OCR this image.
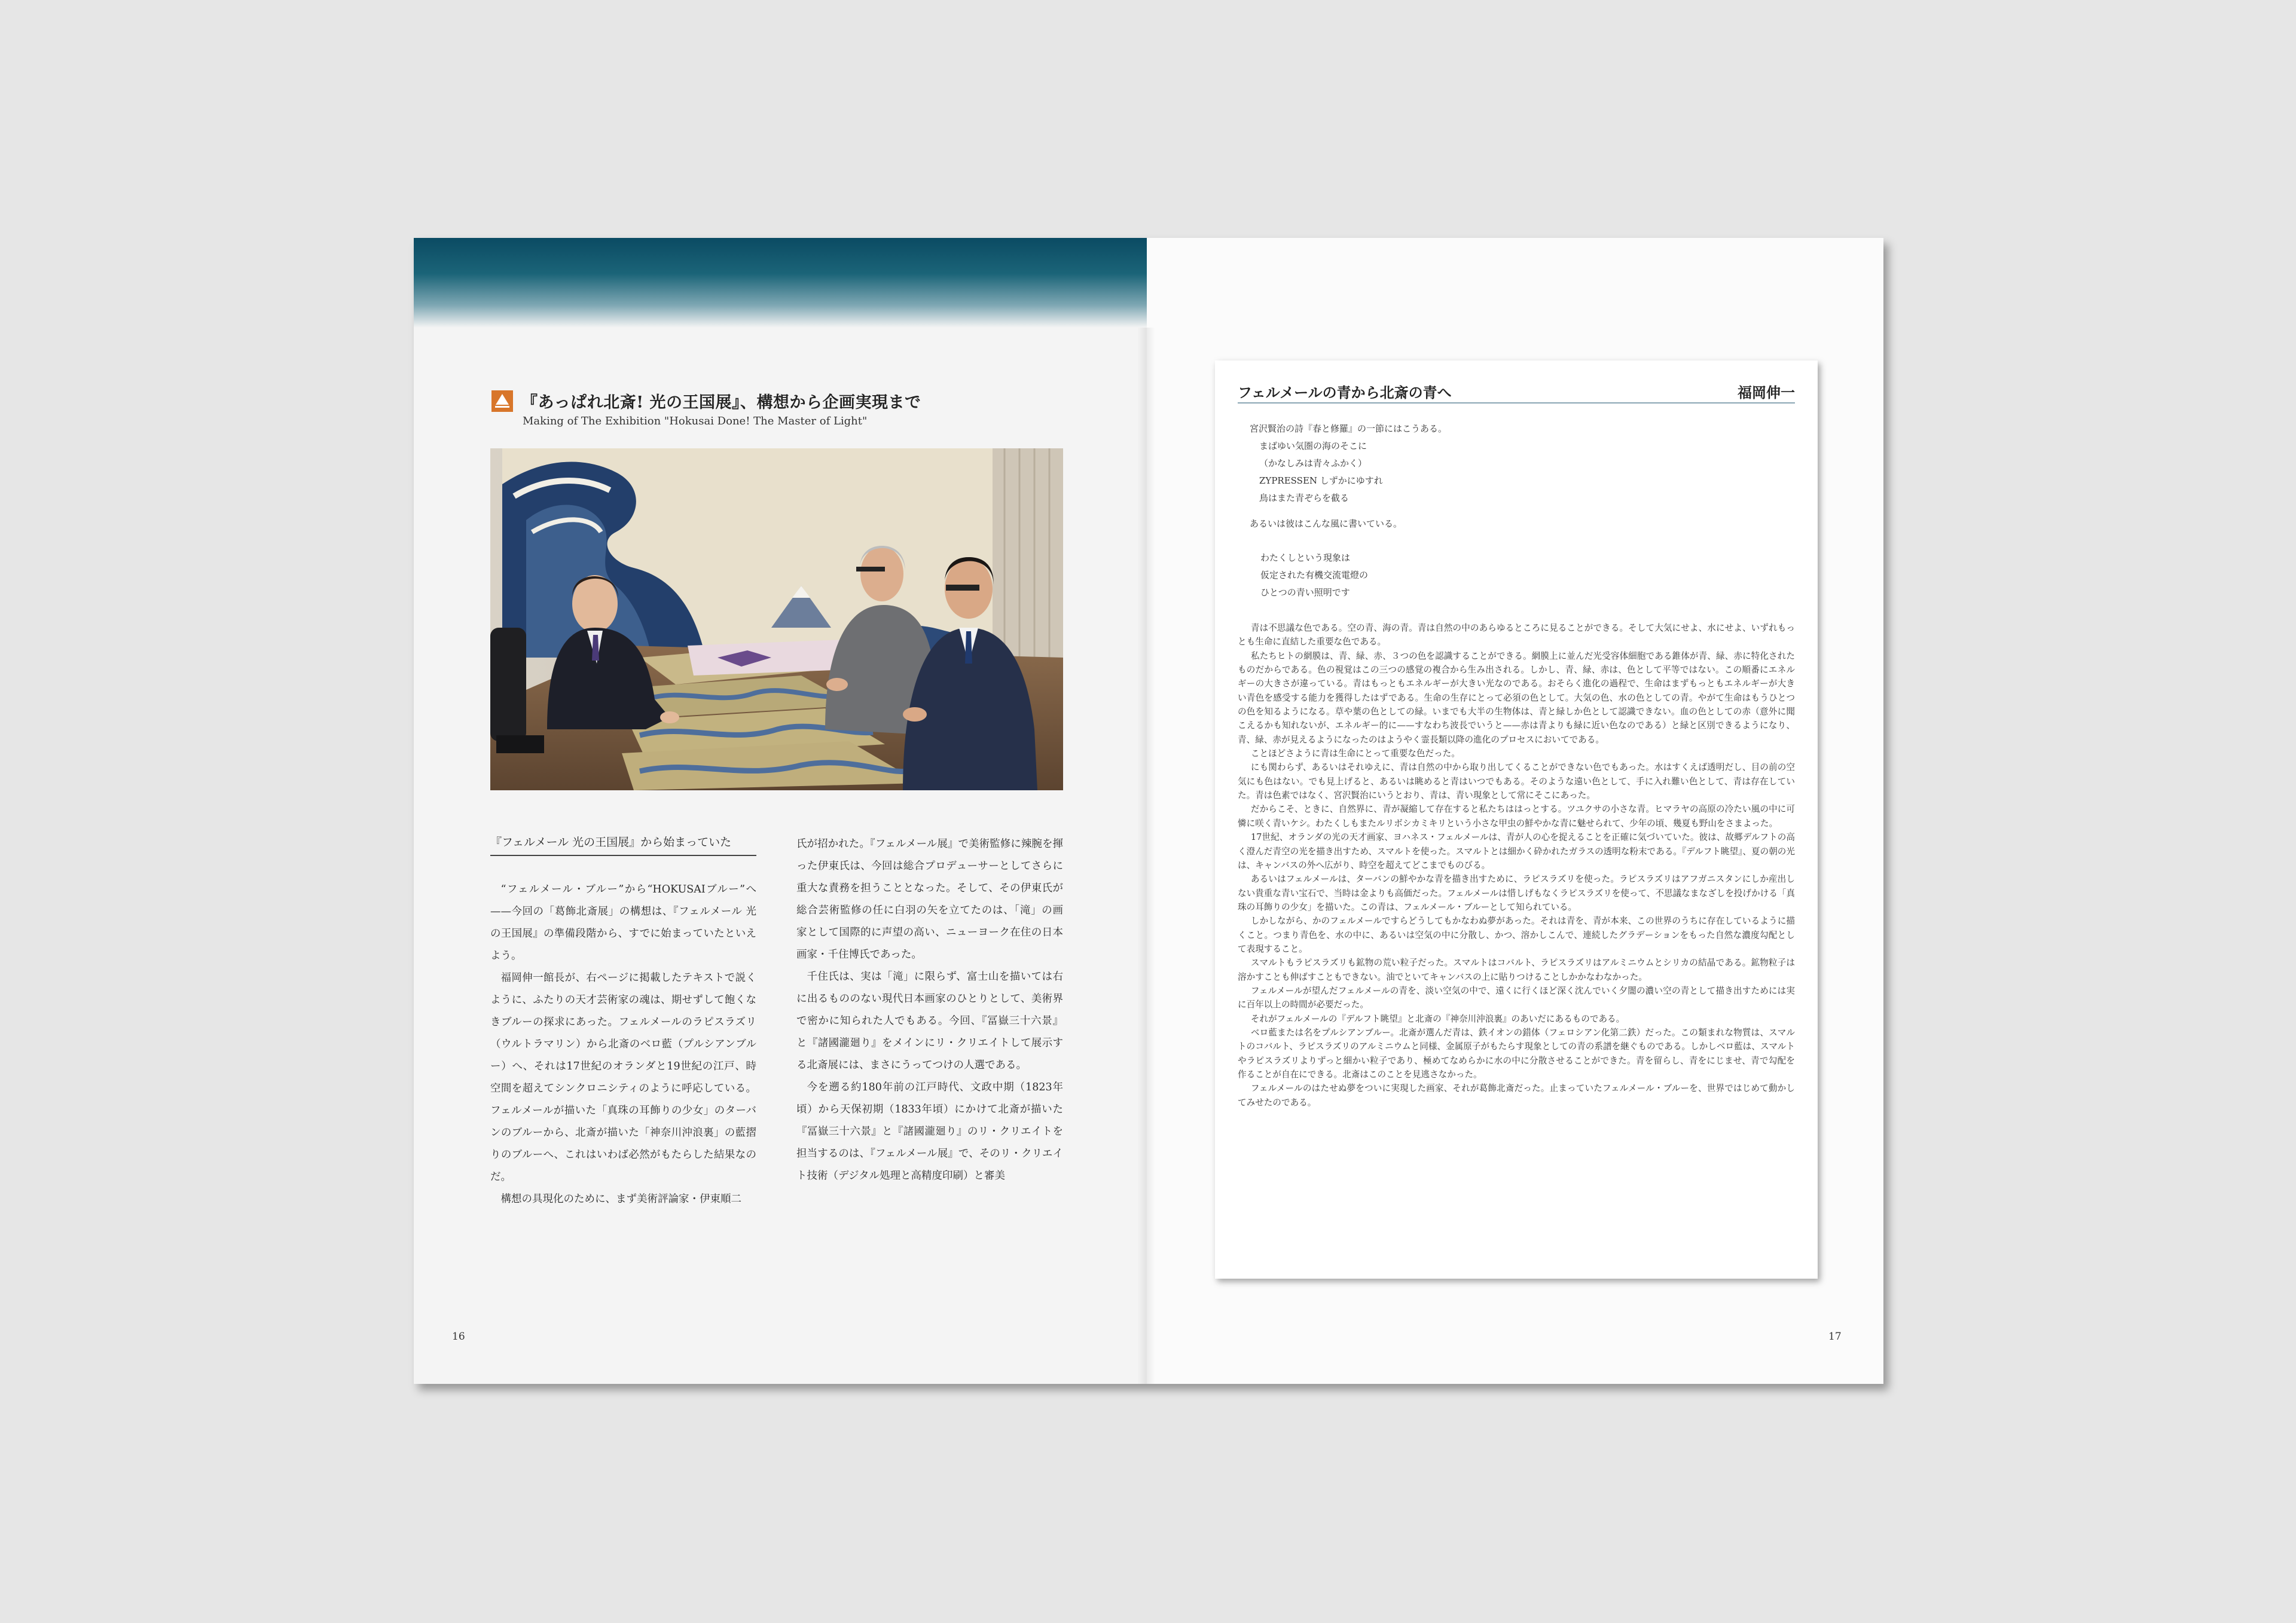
『あっぱれ北斎! 光の王国展』、構想から企画実現まで
Making of The Exhibition "Hokusai Done! The Master of Light"
『フェルメール 光の王国展』から始まっていた

“フェルメール・ブルー”から“HOKUSAIブルー”へ——今回の「葛飾北斎展」の構想は、『フェルメール 光の王国展』の準備段階から、すでに始まっていたといえよう。

福岡伸一館長が、右ページに掲載したテキストで説くように、ふたりの天才芸術家の魂は、期せずして飽くなきブルーの探求にあった。フェルメールのラピスラズリ（ウルトラマリン）から北斎のベロ藍（プルシアンブルー）へ、それは17世紀のオランダと19世紀の江戸、時空間を超えてシンクロニシティのように呼応している。フェルメールが描いた「真珠の耳飾りの少女」のターバンのブルーから、北斎が描いた「神奈川沖浪裏」の藍摺りのブルーへ、これはいわば必然がもたらした結果なのだ。

構想の具現化のために、まず美術評論家・伊東順二

氏が招かれた。『フェルメール展』で美術監修に辣腕を揮った伊東氏は、今回は総合プロデューサーとしてさらに重大な責務を担うこととなった。そして、その伊東氏が総合芸術監修の任に白羽の矢を立てたのは、「滝」の画家として国際的に声望の高い、ニューヨーク在住の日本画家・千住博氏であった。

千住氏は、実は「滝」に限らず、富士山を描いては右に出るもののない現代日本画家のひとりとして、美術界で密かに知られた人でもある。今回、『冨嶽三十六景』と『諸國瀧廻り』をメインにリ・クリエイトして展示する北斎展には、まさにうってつけの人選である。

今を遡る約180年前の江戸時代、文政中期（1823年頃）から天保初期（1833年頃）にかけて北斎が描いた『冨嶽三十六景』と『諸國瀧廻り』のリ・クリエイトを担当するのは、『フェルメール展』で、そのリ・クリエイト技術（デジタル処理と高精度印刷）と審美

16
フェルメールの青から北斎の青へ	福岡伸一
宮沢賢治の詩『春と修羅』の一節にはこうある。
まばゆい気圏の海のそこに
（かなしみは青々ふかく）
ZYPRESSEN しずかにゆすれ
鳥はまた青ぞらを截る
あるいは彼はこんな風に書いている。
わたくしという現象は
仮定された有機交流電燈の
ひとつの青い照明です

青は不思議な色である。空の青、海の青。青は自然の中のあらゆるところに見ることができる。そして大気にせよ、水にせよ、いずれもっとも生命に直結した重要な色である。

私たちヒトの網膜は、青、緑、赤、３つの色を認識することができる。網膜上に並んだ光受容体細胞である錐体が青、緑、赤に特化されたものだからである。色の視覚はこの三つの感覚の複合から生み出される。しかし、青、緑、赤は、色として平等ではない。この順番にエネルギーの大きさが違っている。青はもっともエネルギーが大きい光なのである。おそらく進化の過程で、生命はまずもっともエネルギーが大きい青色を感受する能力を獲得したはずである。生命の生存にとって必須の色として。大気の色、水の色としての青。やがて生命はもうひとつの色を知るようになる。草や葉の色としての緑。いまでも大半の生物体は、青と緑しか色として認識できない。血の色としての赤（意外に聞こえるかも知れないが、エネルギー的に——すなわち波長でいうと——赤は青よりも緑に近い色なのである）と緑と区別できるようになり、青、緑、赤が見えるようになったのはようやく霊長類以降の進化のプロセスにおいてである。

ことほどさように青は生命にとって重要な色だった。

にも関わらず、あるいはそれゆえに、青は自然の中から取り出してくることができない色でもあった。水はすくえば透明だし、目の前の空気にも色はない。でも見上げると、あるいは眺めると青はいつでもある。そのような遠い色として、手に入れ難い色として、青は存在していた。青は色素ではなく、宮沢賢治にいうとおり、青は、青い現象として常にそこにあった。

だからこそ、ときに、自然界に、青が凝縮して存在すると私たちははっとする。ツユクサの小さな青。ヒマラヤの高原の冷たい風の中に可憐に咲く青いケシ。わたくしもまたルリボシカミキリという小さな甲虫の鮮やかな青に魅せられて、少年の頃、幾夏も野山をさまよった。

17世紀、オランダの光の天才画家、ヨハネス・フェルメールは、青が人の心を捉えることを正確に気づいていた。彼は、故郷デルフトの高く澄んだ青空の光を描き出すため、スマルトを使った。スマルトとは細かく砕かれたガラスの透明な粉末である。『デルフト眺望』、夏の朝の光は、キャンバスの外へ広がり、時空を超えてどこまでものびる。

あるいはフェルメールは、ターバンの鮮やかな青を描き出すために、ラピスラズリを使った。ラピスラズリはアフガニスタンにしか産出しない貴重な青い宝石で、当時は金よりも高価だった。フェルメールは惜しげもなくラピスラズリを使って、不思議なまなざしを投げかける「真珠の耳飾りの少女」を描いた。この青は、フェルメール・ブルーとして知られている。

しかしながら、かのフェルメールですらどうしてもかなわぬ夢があった。それは青を、青が本来、この世界のうちに存在しているように描くこと。つまり青色を、水の中に、あるいは空気の中に分散し、かつ、溶かしこんで、連続したグラデーションをもった自然な濃度勾配として表現すること。

スマルトもラピスラズリも鉱物の荒い粒子だった。スマルトはコバルト、ラピスラズリはアルミニウムとシリカの結晶である。鉱物粒子は溶かすことも伸ばすこともできない。油でといてキャンバスの上に貼りつけることしかかなわなかった。

フェルメールが望んだフェルメールの青を、淡い空気の中で、遠くに行くほど深く沈んでいく夕闇の濃い空の青として描き出すためには実に百年以上の時間が必要だった。

それがフェルメールの『デルフト眺望』と北斎の『神奈川沖浪裏』のあいだにあるものである。

ベロ藍または名をプルシアンブルー。北斎が選んだ青は、鉄イオンの錯体（フェロシアン化第二鉄）だった。この類まれな物質は、スマルトのコバルト、ラピスラズリのアルミニウムと同様、金属原子がもたらす現象としての青の系譜を継ぐものである。しかしベロ藍は、スマルトやラピスラズリよりずっと細かい粒子であり、極めてなめらかに水の中に分散させることができた。青を留らし、青をにじませ、青で勾配を作ることが自在にできる。北斎はこのことを見逃さなかった。

フェルメールのはたせぬ夢をついに実現した画家、それが葛飾北斎だった。止まっていたフェルメール・ブルーを、世界ではじめて動かしてみせたのである。

17
